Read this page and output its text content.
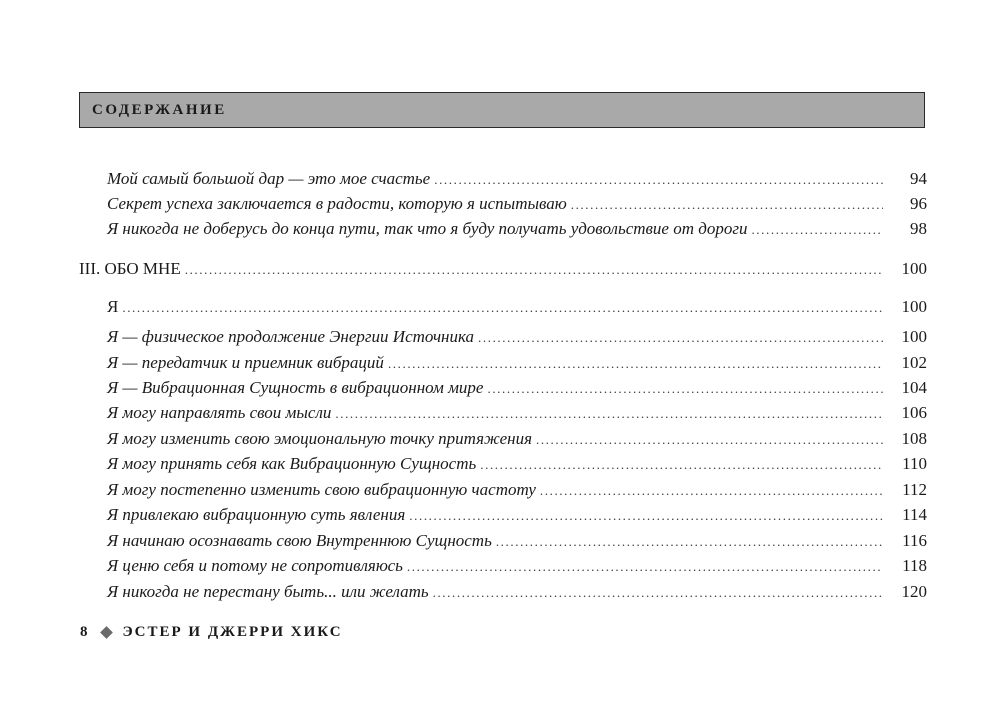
СОДЕРЖАНИЕ
Мой самый большой дар — это мое счастье .....	94
Секрет успеха заключается в радости, которую я испытываю .....	96
Я никогда не доберусь до конца пути, так что я буду получать удовольствие от дороги .....	98
III. ОБО МНЕ .....	100
Я .....	100
Я — физическое продолжение Энергии Источника .....	100
Я — передатчик и приемник вибраций .....	102
Я — Вибрационная Сущность в вибрационном мире .....	104
Я могу направлять свои мысли .....	106
Я могу изменить свою эмоциональную точку притяжения .....	108
Я могу принять себя как Вибрационную Сущность .....	110
Я могу постепенно изменить свою вибрационную частоту .....	112
Я привлекаю вибрационную суть явления .....	114
Я начинаю осознавать свою Внутреннюю Сущность .....	116
Я ценю себя и потому не сопротивляюсь .....	118
Я никогда не перестану быть... или желать .....	120
8 ЭСТЕР И ДЖЕРРИ ХИКС
